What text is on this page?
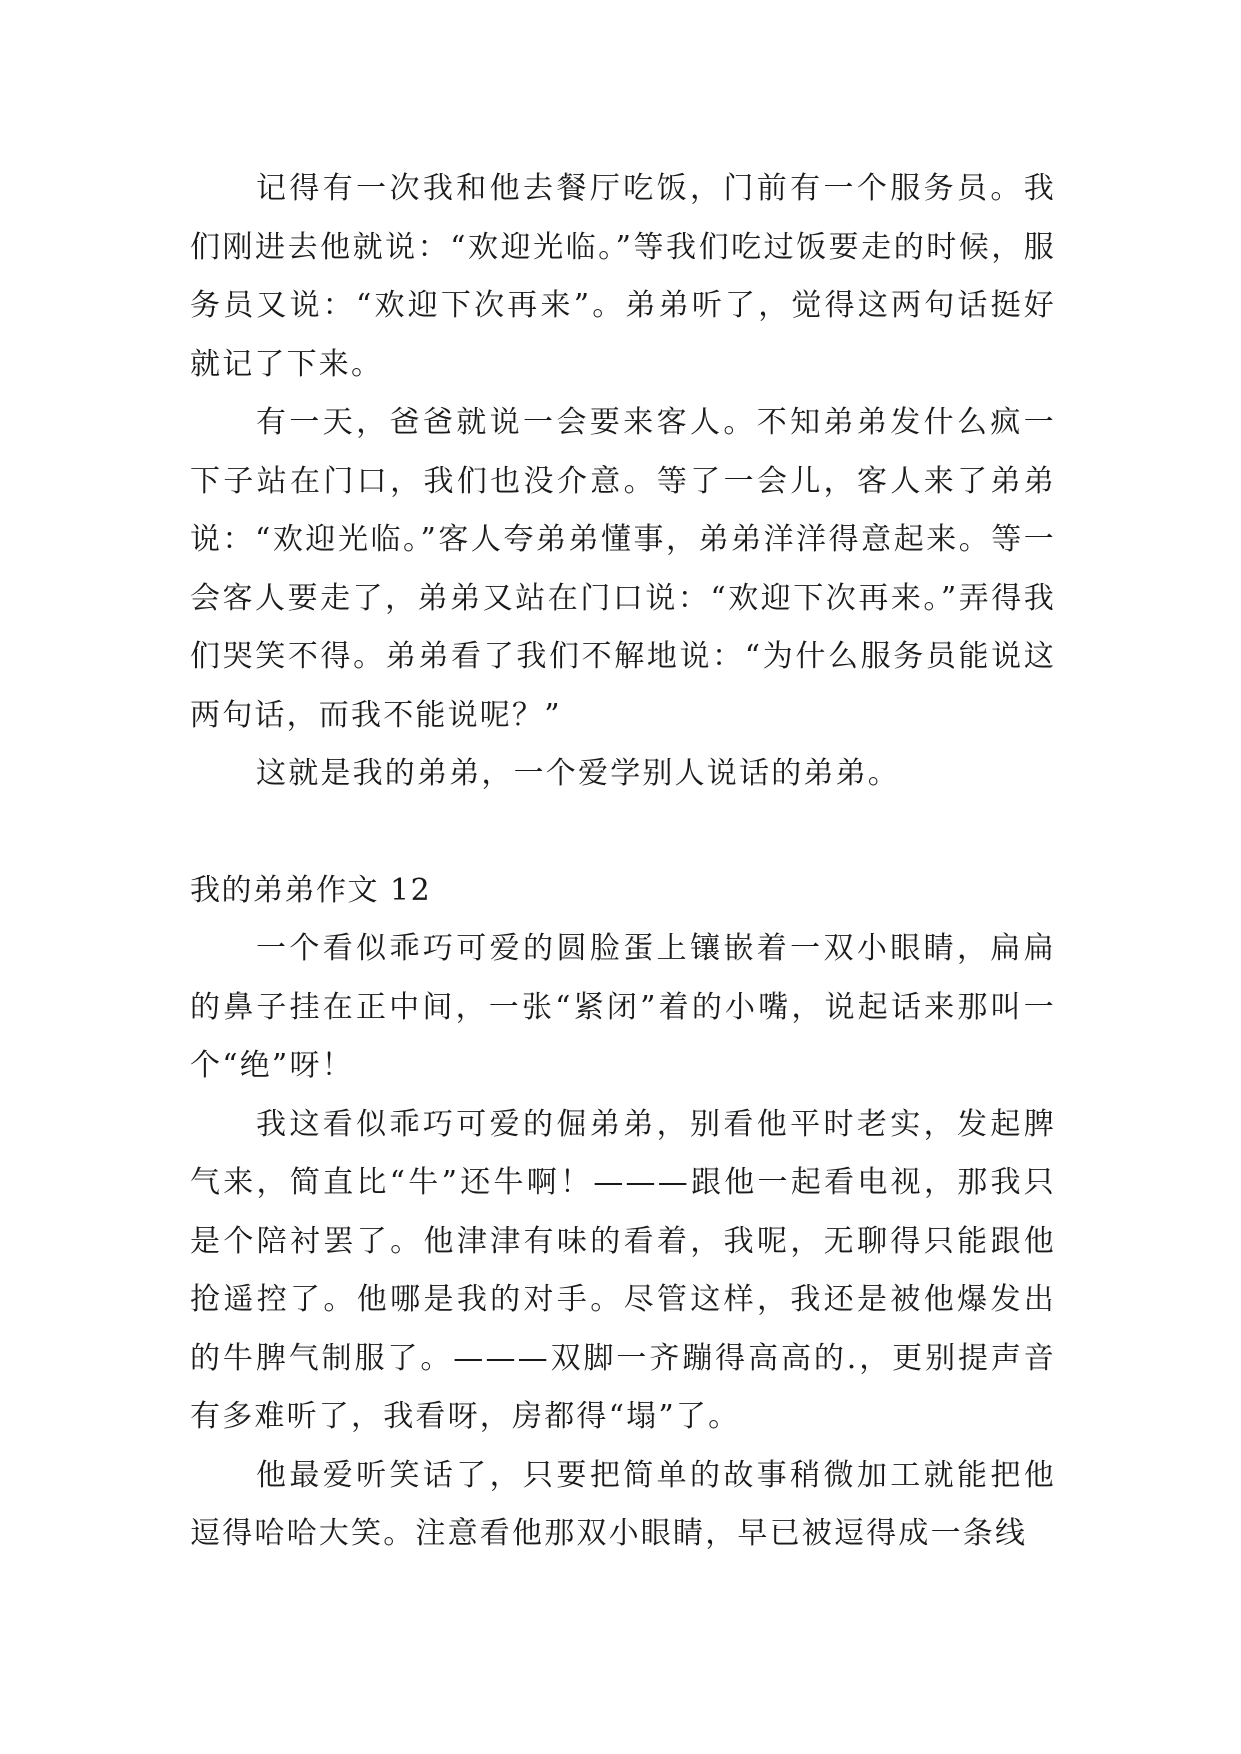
记得有一次我和他去餐厅吃饭，门前有一个服务员。我们刚进去他就说：“欢迎光临。”等我们吃过饭要走的时候，服务员又说：“欢迎下次再来”。弟弟听了，觉得这两句话挺好就记了下来。

有一天，爸爸就说一会要来客人。不知弟弟发什么疯一下子站在门口，我们也没介意。等了一会儿，客人来了弟弟说：“欢迎光临。”客人夸弟弟懂事，弟弟洋洋得意起来。等一会客人要走了，弟弟又站在门口说：“欢迎下次再来。”弄得我们哭笑不得。弟弟看了我们不解地说：“为什么服务员能说这两句话，而我不能说呢？”

这就是我的弟弟，一个爱学别人说话的弟弟。

我的弟弟作文 12

一个看似乖巧可爱的圆脸蛋上镶嵌着一双小眼睛，扁扁的鼻子挂在正中间，一张“紧闭”着的小嘴，说起话来那叫一个“绝”呀！

我这看似乖巧可爱的倔弟弟，别看他平时老实，发起脾气来，简直比“牛”还牛啊！———跟他一起看电视，那我只是个陪衬罢了。他津津有味的看着，我呢，无聊得只能跟他抢遥控了。他哪是我的对手。尽管这样，我还是被他爆发出的牛脾气制服了。———双脚一齐蹦得高高的.，更别提声音有多难听了，我看呀，房都得“塌”了。

他最爱听笑话了，只要把简单的故事稍微加工就能把他逗得哈哈大笑。注意看他那双小眼睛，早已被逗得成一条线
